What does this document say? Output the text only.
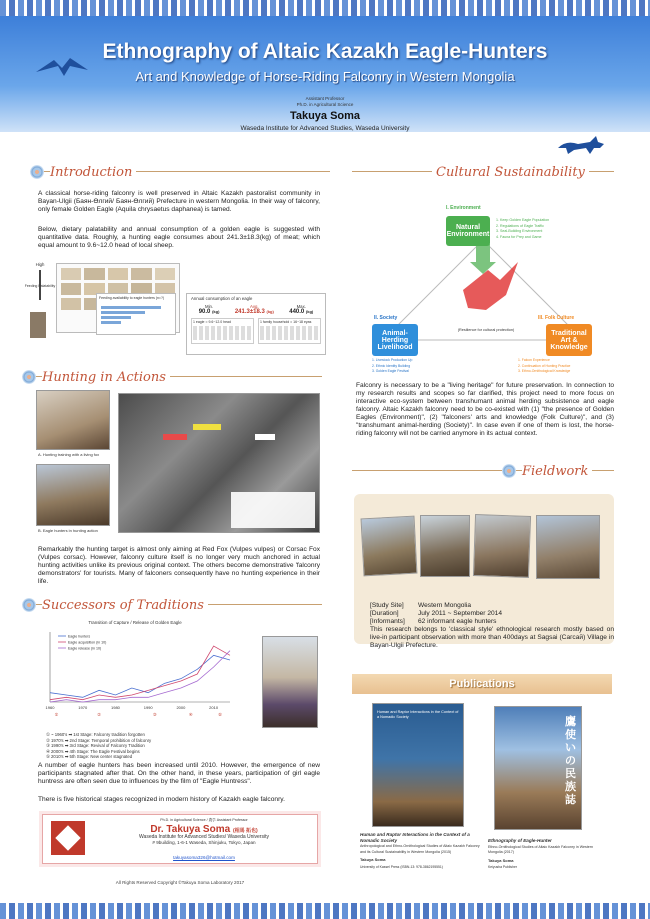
Ethnography of Altaic Kazakh Eagle-Hunters
Art and Knowledge of Horse-Riding Falconry in Western Mongolia
Assistant Professor
Ph.D. in Agricultural Science
Takuya Soma
Waseda Institute for Advanced Studies, Waseda University
Introduction
A classical horse-riding falconry is well preserved in Altaic Kazakh pastoralist community in Bayan-Ulgii (Баян-Өлгий/ Баян-Өлгий) Prefecture in western Mongolia. In their way of falconry, only female Golden Eagle (Aquila chrysaetus daphanea) is tamed.
Below, dietary palatability and annual consumption of a golden eagle is suggested with quantitative data. Roughly, a hunting eagle consumes about 241.3±18.3(kg) of meat; which equal amount to 9.6~12.0 head of local sheep.
High
Feeding Palatability
Feeding availability to eagle hunters (n=?)	Annual consumption of an eagle
Min.
90.0 (kg)
Avg.
241.3±18.3 (kg)
Max.
440.0 (kg)
1 eagle = 9.6~12.0 head	1 family household = 16~18 eyas
Cultural Sustainability
I. Environment
Natural Environment
1. Keep Golden Eagle Population
2. Regulations of Eagle Traffic
3. Seal-Building Environment
4. Fauna for Prey and Game
II. Society
Animal-Herding Livelihood
1. Livestock Production Up
2. Ethnic Identity Building
3. Golden Eagle Festival
III. Folk Culture
Traditional Art & Knowledge
1. Falcon Experience
2. Continuation of Hunting Practice
3. Ethno-Ornithological Knowledge
(Resilience for cultural protection)
Falconry is necessary to be a "living heritage" for future preservation. In connection to my research results and scopes so far clarified, this project need to more focus on interactive eco-system between transhumant animal herding subsistence and eagle falconry. Altaic Kazakh falconry need to be co-existed with (1) "the presence of Golden Eagles (Environment)", (2) "falconers' arts and knowledge (Folk Culture)", and (3) "transhumant animal-herding (Society)". In case even if one of them is lost, the horse-riding falconry will not be carried anymore in its actual context.
Hunting in Actions
A. Hunting training with a living fox
B. Eagle hunters in hunting action
Remarkably the hunting target is almost only aiming at Red Fox (Vulpes vulpes) or Corsac Fox (Vulpes corsac). However, falconry culture itself is no longer very much anchored in actual hunting activities unlike its previous original context. The others become demonstrative 'falconry demonstrators' for tourists. Many of falconers consequently have no hunting experience in their life.
Fieldwork
[Study Site]	Western Mongolia
[Duration]	July 2011 ~ September 2014
[Informants]	62 informant eagle hunters
This research belongs to 'classical style' ethnological research mostly based on live-in participant observation with more than 400days at Sagsai (Сагсай) Village in Bayan-Ulgii Prefecture.
Publications
Human and Raptor Interactions in the Context of a Nomadic Society
Human and Raptor Interactions in the Context of a Nomadic Society
Anthropological and Ethno-Ornithological Studies of Altaic Kazakh Falconry and its Cultural Sustainability in Western Mongolia (2015)
Takuya Soma
University of Kassel Press (ISBN-13: 978-3862195551)
鷹使いの民族誌
Ethnography of Eagle-Hunter
Ethno-Ornithological Studies of Altaic Kazakh Falconry in Western Mongolia (2017)
Takuya Soma
Keiyusha Publisher
Successors of Traditions
Transition of Capture / Release of Golden Eagle
Eagle hunters
Eagle acquisition (in 10)
Eagle release (in 10)
1960	1970	1980	1990	2000	2010
①	②	③	④	⑤
① ~ 1960's ➡ 1st Stage: Falconry tradition forgotten
② 1970's ➡ 2nd Stage: Temporal prohibition of falconry
③ 1990's ➡ 3rd Stage: Revival of Falconry Tradition
④ 2000's ➡ 4th Stage: The Eagle Festival begins
⑤ 2010's ➡ 5th Stage: New center stagnated
A number of eagle hunters has been increased until 2010. However, the emergence of new participants stagnated after that. On the other hand, in these years, participation of girl eagle huntress are often seen due to influences by the film of "Eagle Huntress".
There is five historical stages recognized in modern history of Kazakh eagle falconry.
Ph.D. in Agricultural Science / 農学 Assistant Professor
Dr. Takuya Soma (相馬 拓也)
Waseda Institute for Advanced Studies/ Waseda University
# 9building, 1-6-1 Waseda, Shinjuku, Tokyo, Japan
takuyasoma326@hotmail.com
All Rights Reserved Copyright ©Takuya Soma Laboratory 2017
